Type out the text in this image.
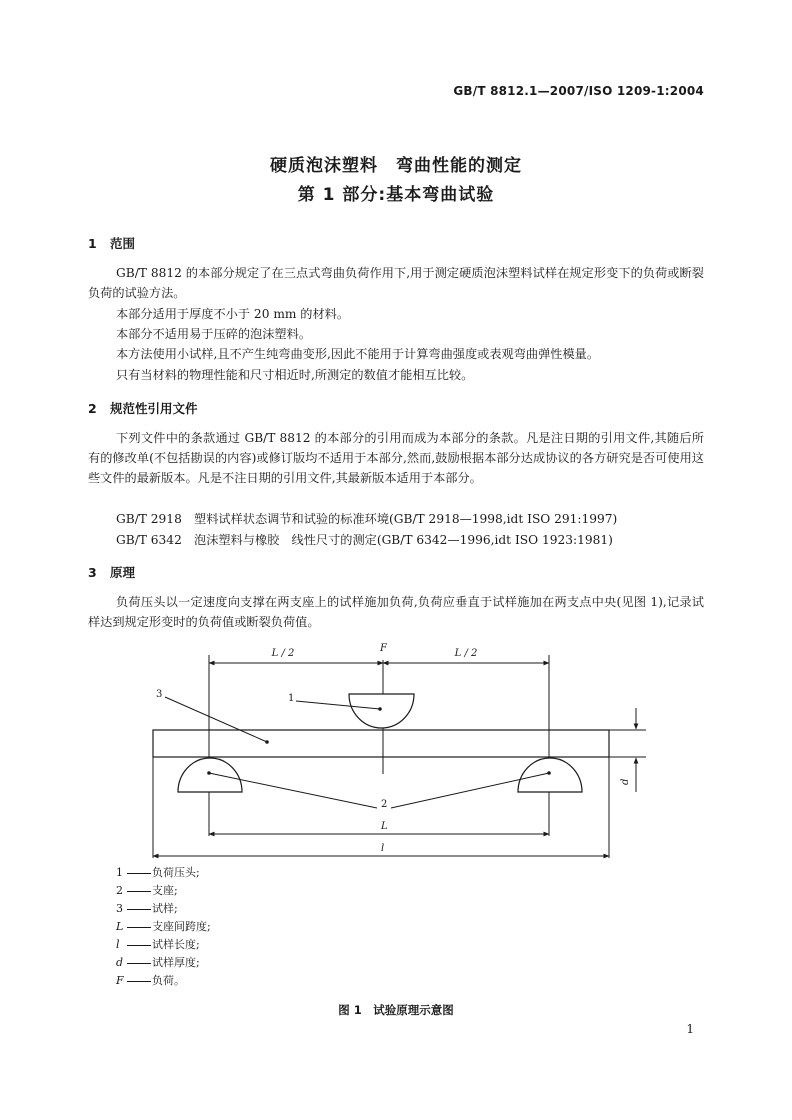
GB/T 8812.1—2007/ISO 1209-1:2004
硬质泡沫塑料　弯曲性能的测定
第 1 部分:基本弯曲试验
1 范围
GB/T 8812 的本部分规定了在三点式弯曲负荷作用下,用于测定硬质泡沫塑料试样在规定形变下的负荷或断裂负荷的试验方法。
本部分适用于厚度不小于 20 mm 的材料。
本部分不适用易于压碎的泡沫塑料。
本方法使用小试样,且不产生纯弯曲变形,因此不能用于计算弯曲强度或表观弯曲弹性模量。
只有当材料的物理性能和尺寸相近时,所测定的数值才能相互比较。
2 规范性引用文件
下列文件中的条款通过 GB/T 8812 的本部分的引用而成为本部分的条款。凡是注日期的引用文件,其随后所有的修改单(不包括勘误的内容)或修订版均不适用于本部分,然而,鼓励根据本部分达成协议的各方研究是否可使用这些文件的最新版本。凡是不注日期的引用文件,其最新版本适用于本部分。
GB/T 2918　塑料试样状态调节和试验的标准环境(GB/T 2918—1998,idt ISO 291:1997)
GB/T 6342　泡沫塑料与橡胶　线性尺寸的测定(GB/T 6342—1996,idt ISO 1923:1981)
3 原理
负荷压头以一定速度向支撑在两支座上的试样施加负荷,负荷应垂直于试样施加在两支点中央(见图 1),记录试样达到规定形变时的负荷值或断裂负荷值。
F
L / 2	L / 2
L
l
d
1
3
2
1	负荷压头;
2	支座;
3	试样;
L	支座间跨度;
l	试样长度;
d	试样厚度;
F	负荷。
图 1　试验原理示意图
1
